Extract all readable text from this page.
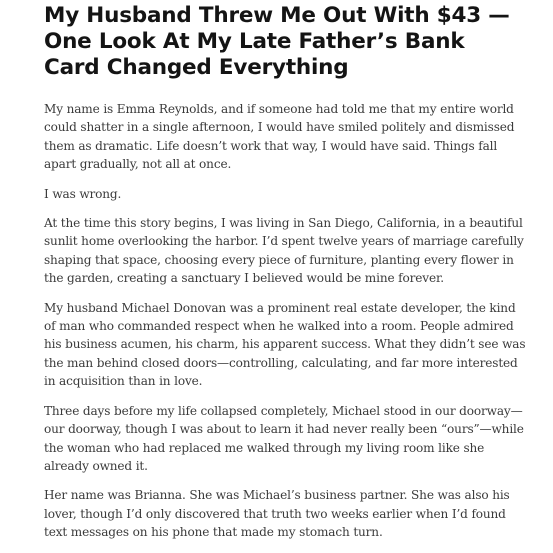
My Husband Threw Me Out With $43 — One Look At My Late Father’s Bank Card Changed Everything

My name is Emma Reynolds, and if someone had told me that my entire world could shatter in a single afternoon, I would have smiled politely and dismissed them as dramatic. Life doesn’t work that way, I would have said. Things fall apart gradually, not all at once.

I was wrong.

At the time this story begins, I was living in San Diego, California, in a beautiful sunlit home overlooking the harbor. I’d spent twelve years of marriage carefully shaping that space, choosing every piece of furniture, planting every flower in the garden, creating a sanctuary I believed would be mine forever.

My husband Michael Donovan was a prominent real estate developer, the kind of man who commanded respect when he walked into a room. People admired his business acumen, his charm, his apparent success. What they didn’t see was the man behind closed doors—controlling, calculating, and far more interested in acquisition than in love.

Three days before my life collapsed completely, Michael stood in our doorway—our doorway, though I was about to learn it had never really been “ours”—while the woman who had replaced me walked through my living room like she already owned it.

Her name was Brianna. She was Michael’s business partner. She was also his lover, though I’d only discovered that truth two weeks earlier when I’d found text messages on his phone that made my stomach turn.
